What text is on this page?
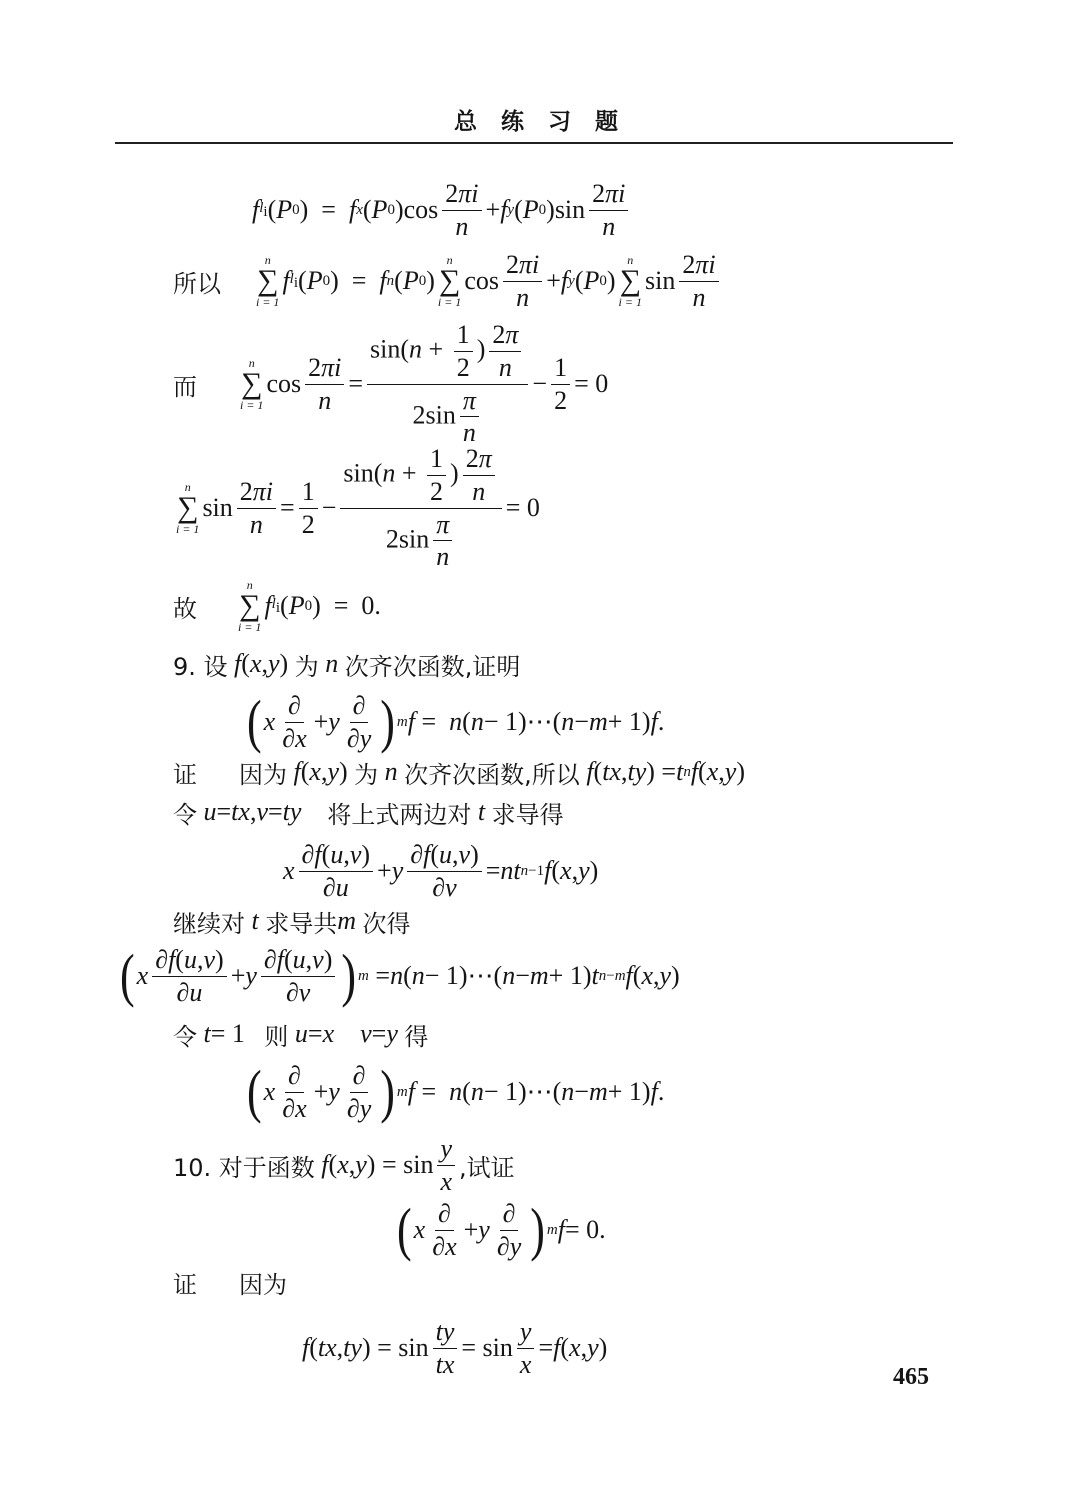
总 练 习 题
f $l_i$ ( P 0 )  = f x ( P 0 )cos
2πi
n
+ f y ( P 0 )sin
2πi
n
所以
n
∑
i = 1
f $l_i$ ( P 0 )  = f n ( P 0 )
n
∑
i = 1
cos
2πi
n
+ f y ( P 0 )
n
∑
i = 1
sin
2πi
n
而
n
∑
i = 1
cos
2πi
n
=
$\sin(n + \frac{1}{2}$ ) $\frac{2\pi}{n}$
$2\sin \frac{\pi}{n}$
−
1
2
= 0
n
∑
i = 1
sin
2πi
n
=
1
2
−
$\sin(n + \frac{1}{2}$ ) $\frac{2\pi}{n}$
$2\sin \frac{\pi}{n}$
= 0
故
n
∑
i = 1
f $l_i$ ( P 0 )  =  0.
9. 设
f ( x , y ) 为
n
次齐次函数,证明
( x
∂
∂x
+ y
∂
∂y ) m f = n ( n − 1)⋯( n − m + 1) f .
证 因为
f ( x , y ) 为
n
次齐次函数,所以
f ( tx , ty ) = t n f ( x , y )
令
u = tx , v = ty
将上式两边对
t
求导得
x
∂f(u,v)
∂u
+ y
∂f(u,v)
∂v
= nt n−1 f ( x , y )
继续对
t
求导共 m
次得
( x
∂f(u,v)
∂u
+ y
∂f(u,v)
∂v ) m = n ( n − 1)⋯( n − m + 1) t n−m f ( x , y )
令
t = 1 则
u = x
v = y
得
( x
∂
∂x
+ y
∂
∂y ) m f = n ( n − 1)⋯( n − m + 1) f .
10. 对于函数
f ( x , y ) = sin
y
x ,试证
( x
∂
∂x
+ y
∂
∂y ) m f = 0.
证 因为
f ( tx , ty ) = sin
ty
tx
= sin
y
x
= f ( x , y )
465
